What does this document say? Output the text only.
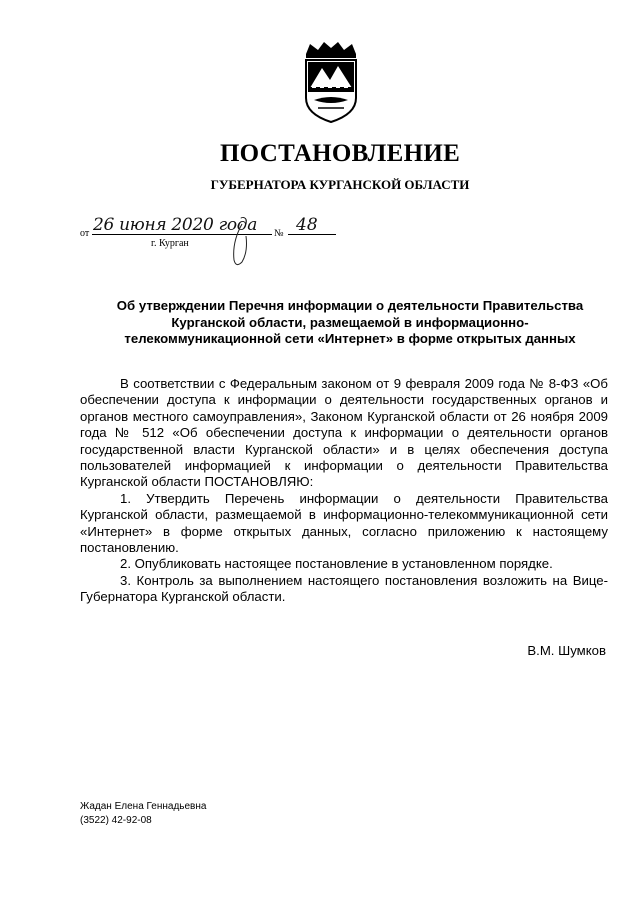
ПОСТАНОВЛЕНИЕ
ГУБЕРНАТОРА КУРГАНСКОЙ ОБЛАСТИ
от 26 июня 2020 года № 48
г. Курган
Об утверждении Перечня информации о деятельности Правительства
Курганской области, размещаемой в информационно-
телекоммуникационной сети «Интернет» в форме открытых данных

В соответствии с Федеральным законом от 9 февраля 2009 года № 8-ФЗ «Об обеспечении доступа к информации о деятельности государственных органов и органов местного самоуправления», Законом Курганской области от 26 ноября 2009 года № 512 «Об обеспечении доступа к информации о деятельности органов государственной власти Курганской области» и в целях обеспечения доступа пользователей информацией к информации о деятельности Правительства Курганской области ПОСТАНОВЛЯЮ:

1. Утвердить Перечень информации о деятельности Правительства Курганской области, размещаемой в информационно-телекоммуникационной сети «Интернет» в форме открытых данных, согласно приложению к настоящему постановлению.

2. Опубликовать настоящее постановление в установленном порядке.

3. Контроль за выполнением настоящего постановления возложить на Вице-Губернатора Курганской области.

В.М. Шумков
Жадан Елена Геннадьевна
(3522) 42-92-08
